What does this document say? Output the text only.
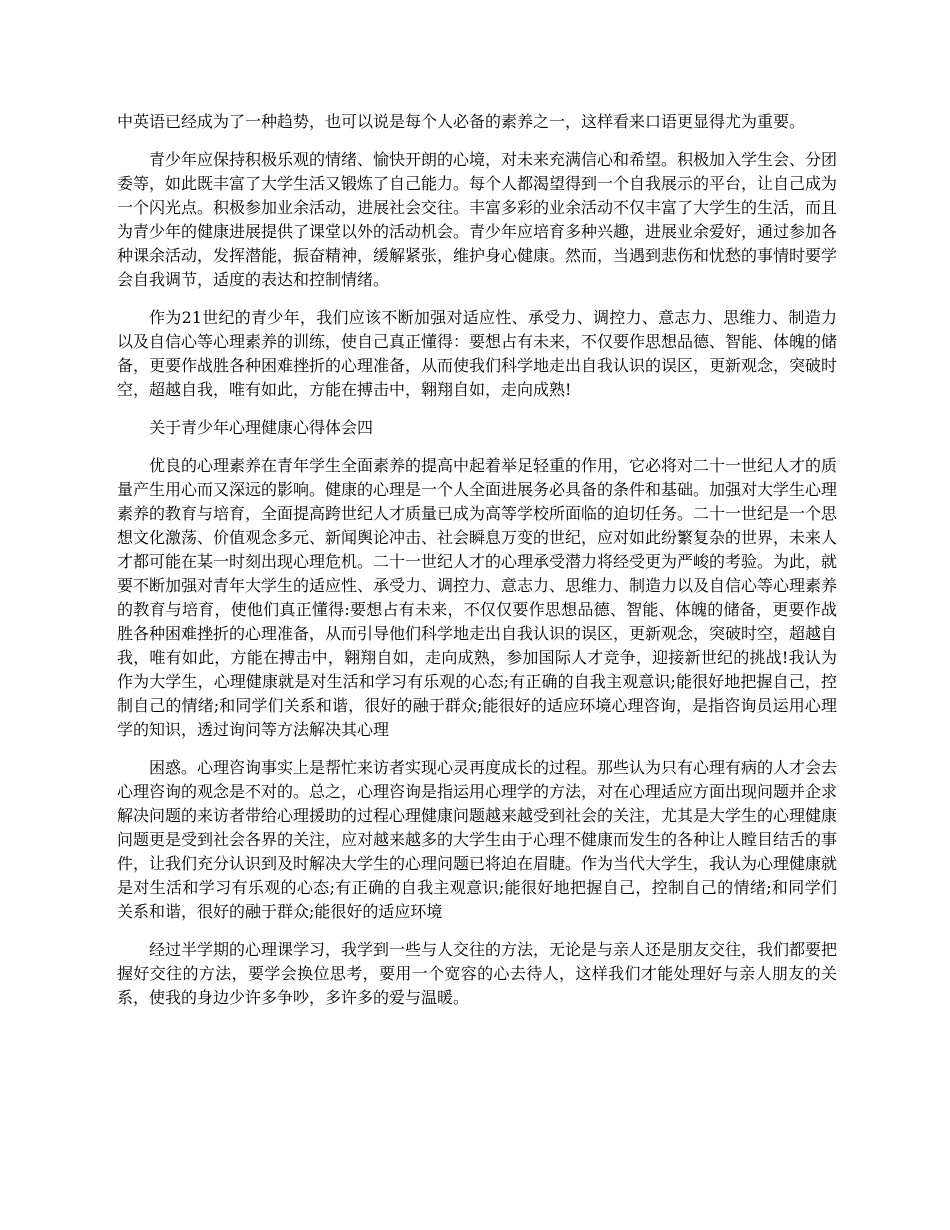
中英语已经成为了一种趋势，也可以说是每个人必备的素养之一，这样看来口语更显得尤为重要。

青少年应保持积极乐观的情绪、愉快开朗的心境，对未来充满信心和希望。积极加入学生会、分团委等，如此既丰富了大学生活又锻炼了自己能力。每个人都渴望得到一个自我展示的平台，让自己成为一个闪光点。积极参加业余活动，进展社会交往。丰富多彩的业余活动不仅丰富了大学生的生活，而且为青少年的健康进展提供了课堂以外的活动机会。青少年应培育多种兴趣，进展业余爱好，通过参加各种课余活动，发挥潜能，振奋精神，缓解紧张，维护身心健康。然而，当遇到悲伤和忧愁的事情时要学会自我调节，适度的表达和控制情绪。

作为21世纪的青少年，我们应该不断加强对适应性、承受力、调控力、意志力、思维力、制造力以及自信心等心理素养的训练，使自己真正懂得：要想占有未来，不仅要作思想品德、智能、体魄的储备，更要作战胜各种困难挫折的心理准备，从而使我们科学地走出自我认识的误区，更新观念，突破时空，超越自我，唯有如此，方能在搏击中，翱翔自如，走向成熟!

关于青少年心理健康心得体会四

优良的心理素养在青年学生全面素养的提高中起着举足轻重的作用，它必将对二十一世纪人才的质量产生用心而又深远的影响。健康的心理是一个人全面进展务必具备的条件和基础。加强对大学生心理素养的教育与培育，全面提高跨世纪人才质量已成为高等学校所面临的迫切任务。二十一世纪是一个思想文化激荡、价值观念多元、新闻舆论冲击、社会瞬息万变的世纪，应对如此纷繁复杂的世界，未来人才都可能在某一时刻出现心理危机。二十一世纪人才的心理承受潜力将经受更为严峻的考验。为此，就要不断加强对青年大学生的适应性、承受力、调控力、意志力、思维力、制造力以及自信心等心理素养的教育与培育，使他们真正懂得:要想占有未来，不仅仅要作思想品德、智能、体魄的储备，更要作战胜各种困难挫折的心理准备，从而引导他们科学地走出自我认识的误区，更新观念，突破时空，超越自我，唯有如此，方能在搏击中，翱翔自如，走向成熟，参加国际人才竞争，迎接新世纪的挑战!我认为作为大学生，心理健康就是对生活和学习有乐观的心态;有正确的自我主观意识;能很好地把握自己，控制自己的情绪;和同学们关系和谐，很好的融于群众;能很好的适应环境心理咨询，是指咨询员运用心理学的知识，透过询问等方法解决其心理

困惑。心理咨询事实上是帮忙来访者实现心灵再度成长的过程。那些认为只有心理有病的人才会去心理咨询的观念是不对的。总之，心理咨询是指运用心理学的方法，对在心理适应方面出现问题并企求解决问题的来访者带给心理援助的过程心理健康问题越来越受到社会的关注，尤其是大学生的心理健康问题更是受到社会各界的关注，应对越来越多的大学生由于心理不健康而发生的各种让人瞠目结舌的事件，让我们充分认识到及时解决大学生的心理问题已将迫在眉睫。作为当代大学生，我认为心理健康就是对生活和学习有乐观的心态;有正确的自我主观意识;能很好地把握自己，控制自己的情绪;和同学们关系和谐，很好的融于群众;能很好的适应环境

经过半学期的心理课学习，我学到一些与人交往的方法，无论是与亲人还是朋友交往，我们都要把握好交往的方法，要学会换位思考，要用一个宽容的心去待人，这样我们才能处理好与亲人朋友的关系，使我的身边少许多争吵，多许多的爱与温暖。
